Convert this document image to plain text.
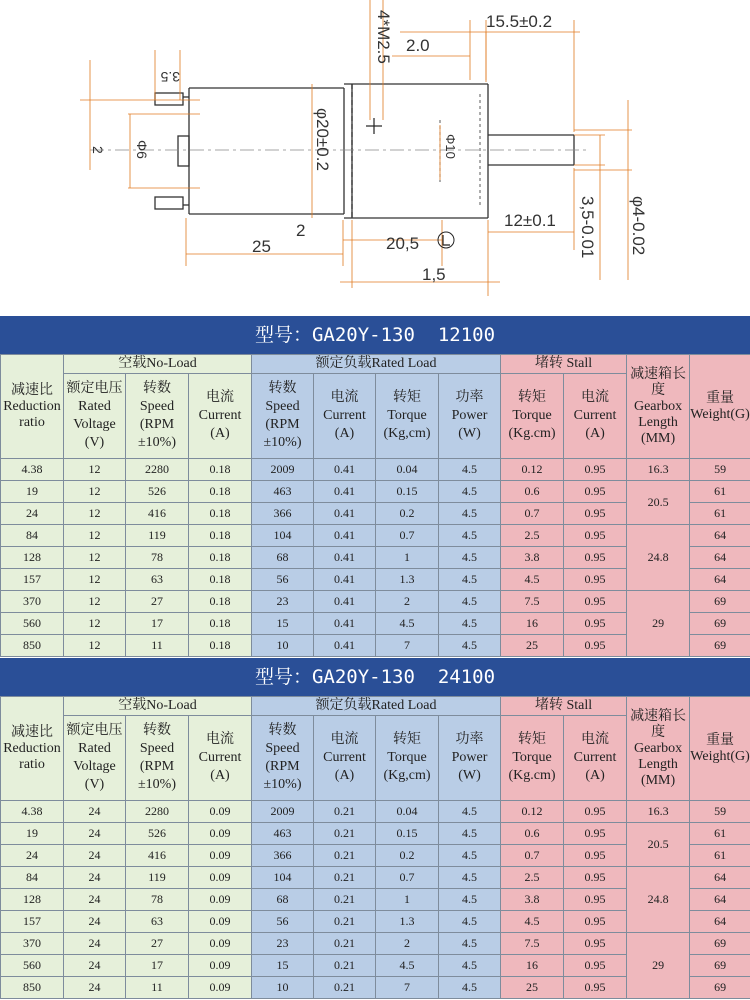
4*M2.5	15.5±0.2
2.0
3.5
2 Φ6	φ20±0.2	Φ10
25
2
20,5
12±0.1
1,5
3,5-0.01 φ4-0.02
型号：GA20Y-130  12100
减速比 Reduction ratio	空载No-Load			额定负载Rated Load				堵转 Stall		减速箱长度 Gearbox Length (MM)	重量 Weight(G)
	额定电压Rated Voltage (V)	转数 Speed (RPM ±10%)	电流 Current (A)	转数 Speed (RPM ±10%)	电流 Current (A)	转矩 Torque (Kg,cm)	功率 Power (W)	转矩 Torque (Kg.cm)	电流 Current (A)		
4.38	12	2280	0.18	2009	0.41	0.04	4.5	0.12	0.95	16.3	59
19	12	526	0.18	463	0.41	0.15	4.5	0.6	0.95	20.5	61
24	12	416	0.18	366	0.41	0.2	4.5	0.7	0.95		61
84	12	119	0.18	104	0.41	0.7	4.5	2.5	0.95	24.8	64
128	12	78	0.18	68	0.41	1	4.5	3.8	0.95		64
157	12	63	0.18	56	0.41	1.3	4.5	4.5	0.95		64
370	12	27	0.18	23	0.41	2	4.5	7.5	0.95	29	69
560	12	17	0.18	15	0.41	4.5	4.5	16	0.95		69
850	12	11	0.18	10	0.41	7	4.5	25	0.95		69
型号：GA20Y-130  24100
减速比 Reduction ratio	空载No-Load			额定负载Rated Load				堵转 Stall		减速箱长度 Gearbox Length (MM)	重量 Weight(G)
	额定电压Rated Voltage (V)	转数 Speed (RPM ±10%)	电流 Current (A)	转数 Speed (RPM ±10%)	电流 Current (A)	转矩 Torque (Kg,cm)	功率 Power (W)	转矩 Torque (Kg.cm)	电流 Current (A)		
4.38	24	2280	0.09	2009	0.21	0.04	4.5	0.12	0.95	16.3	59
19	24	526	0.09	463	0.21	0.15	4.5	0.6	0.95	20.5	61
24	24	416	0.09	366	0.21	0.2	4.5	0.7	0.95		61
84	24	119	0.09	104	0.21	0.7	4.5	2.5	0.95	24.8	64
128	24	78	0.09	68	0.21	1	4.5	3.8	0.95		64
157	24	63	0.09	56	0.21	1.3	4.5	4.5	0.95		64
370	24	27	0.09	23	0.21	2	4.5	7.5	0.95	29	69
560	24	17	0.09	15	0.21	4.5	4.5	16	0.95		69
850	24	11	0.09	10	0.21	7	4.5	25	0.95		69
